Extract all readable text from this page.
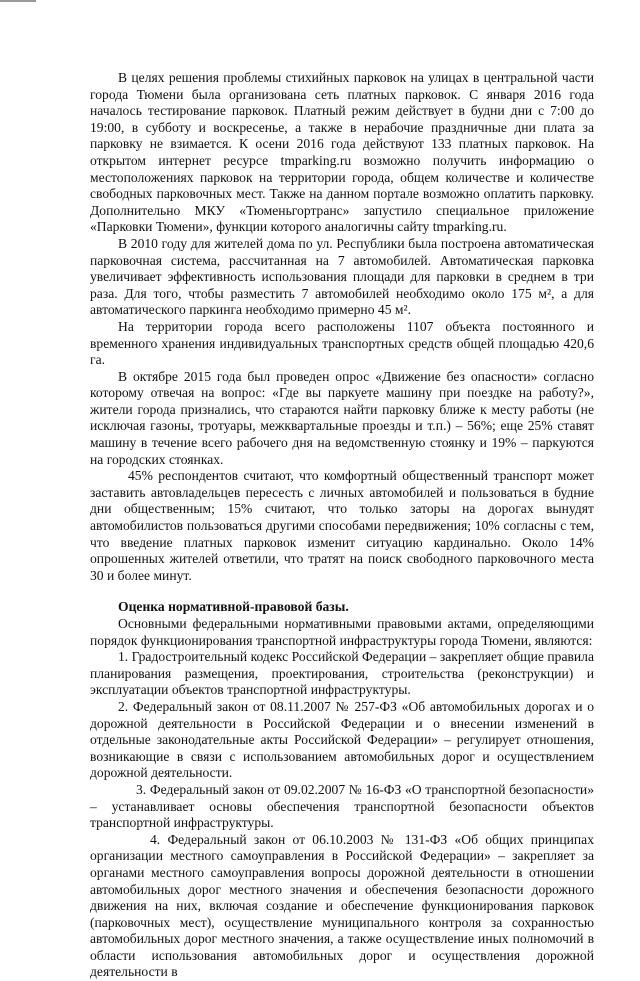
В целях решения проблемы стихийных парковок на улицах в центральной части города Тюмени была организована сеть платных парковок. С января 2016 года началось тестирование парковок. Платный режим действует в будни дни с 7:00 до 19:00, в субботу и воскресенье, а также в нерабочие праздничные дни плата за парковку не взимается. К осени 2016 года действуют 133 платных парковок. На открытом интернет ресурсе tmparking.ru возможно получить информацию о местоположениях парковок на территории города, общем количестве и количестве свободных парковочных мест. Также на данном портале возможно оплатить парковку. Дополнительно МКУ «Тюменьгортранс» запустило специальное приложение «Парковки Тюмени», функции которого аналогичны сайту tmparking.ru.

В 2010 году для жителей дома по ул. Республики была построена автоматическая парковочная система, рассчитанная на 7 автомобилей. Автоматическая парковка увеличивает эффективность использования площади для парковки в среднем в три раза. Для того, чтобы разместить 7 автомобилей необходимо около 175 м², а для автоматического паркинга необходимо примерно 45 м².

На территории города всего расположены 1107 объекта постоянного и временного хранения индивидуальных транспортных средств общей площадью 420,6 га.

В октябре 2015 года был проведен опрос «Движение без опасности» согласно которому отвечая на вопрос: «Где вы паркуете машину при поездке на работу?», жители города признались, что стараются найти парковку ближе к месту работы (не исключая газоны, тротуары, межквартальные проезды и т.п.) – 56%; еще 25% ставят машину в течение всего рабочего дня на ведомственную стоянку и 19% – паркуются на городских стоянках.

45% респондентов считают, что комфортный общественный транспорт может заставить автовладельцев пересесть с личных автомобилей и пользоваться в будние дни общественным; 15% считают, что только заторы на дорогах вынудят автомобилистов пользоваться другими способами передвижения; 10% согласны с тем, что введение платных парковок изменит ситуацию кардинально. Около 14% опрошенных жителей ответили, что тратят на поиск свободного парковочного места 30 и более минут.

Оценка нормативной-правовой базы.

Основными федеральными нормативными правовыми актами, определяющими порядок функционирования транспортной инфраструктуры города Тюмени, являются:

1. Градостроительный кодекс Российской Федерации – закрепляет общие правила планирования размещения, проектирования, строительства (реконструкции) и эксплуатации объектов транспортной инфраструктуры.

2. Федеральный закон от 08.11.2007 № 257-ФЗ «Об автомобильных дорогах и о дорожной деятельности в Российской Федерации и о внесении изменений в отдельные законодательные акты Российской Федерации» – регулирует отношения, возникающие в связи с использованием автомобильных дорог и осуществлением дорожной деятельности.

3. Федеральный закон от 09.02.2007 № 16-ФЗ «О транспортной безопасности» – устанавливает основы обеспечения транспортной безопасности объектов транспортной инфраструктуры.

4. Федеральный закон от 06.10.2003 № 131-ФЗ «Об общих принципах организации местного самоуправления в Российской Федерации» – закрепляет за органами местного самоуправления вопросы дорожной деятельности в отношении автомобильных дорог местного значения и обеспечения безопасности дорожного движения на них, включая создание и обеспечение функционирования парковок (парковочных мест), осуществление муниципального контроля за сохранностью автомобильных дорог местного значения, а также осуществление иных полномочий в области использования автомобильных дорог и осуществления дорожной деятельности в
